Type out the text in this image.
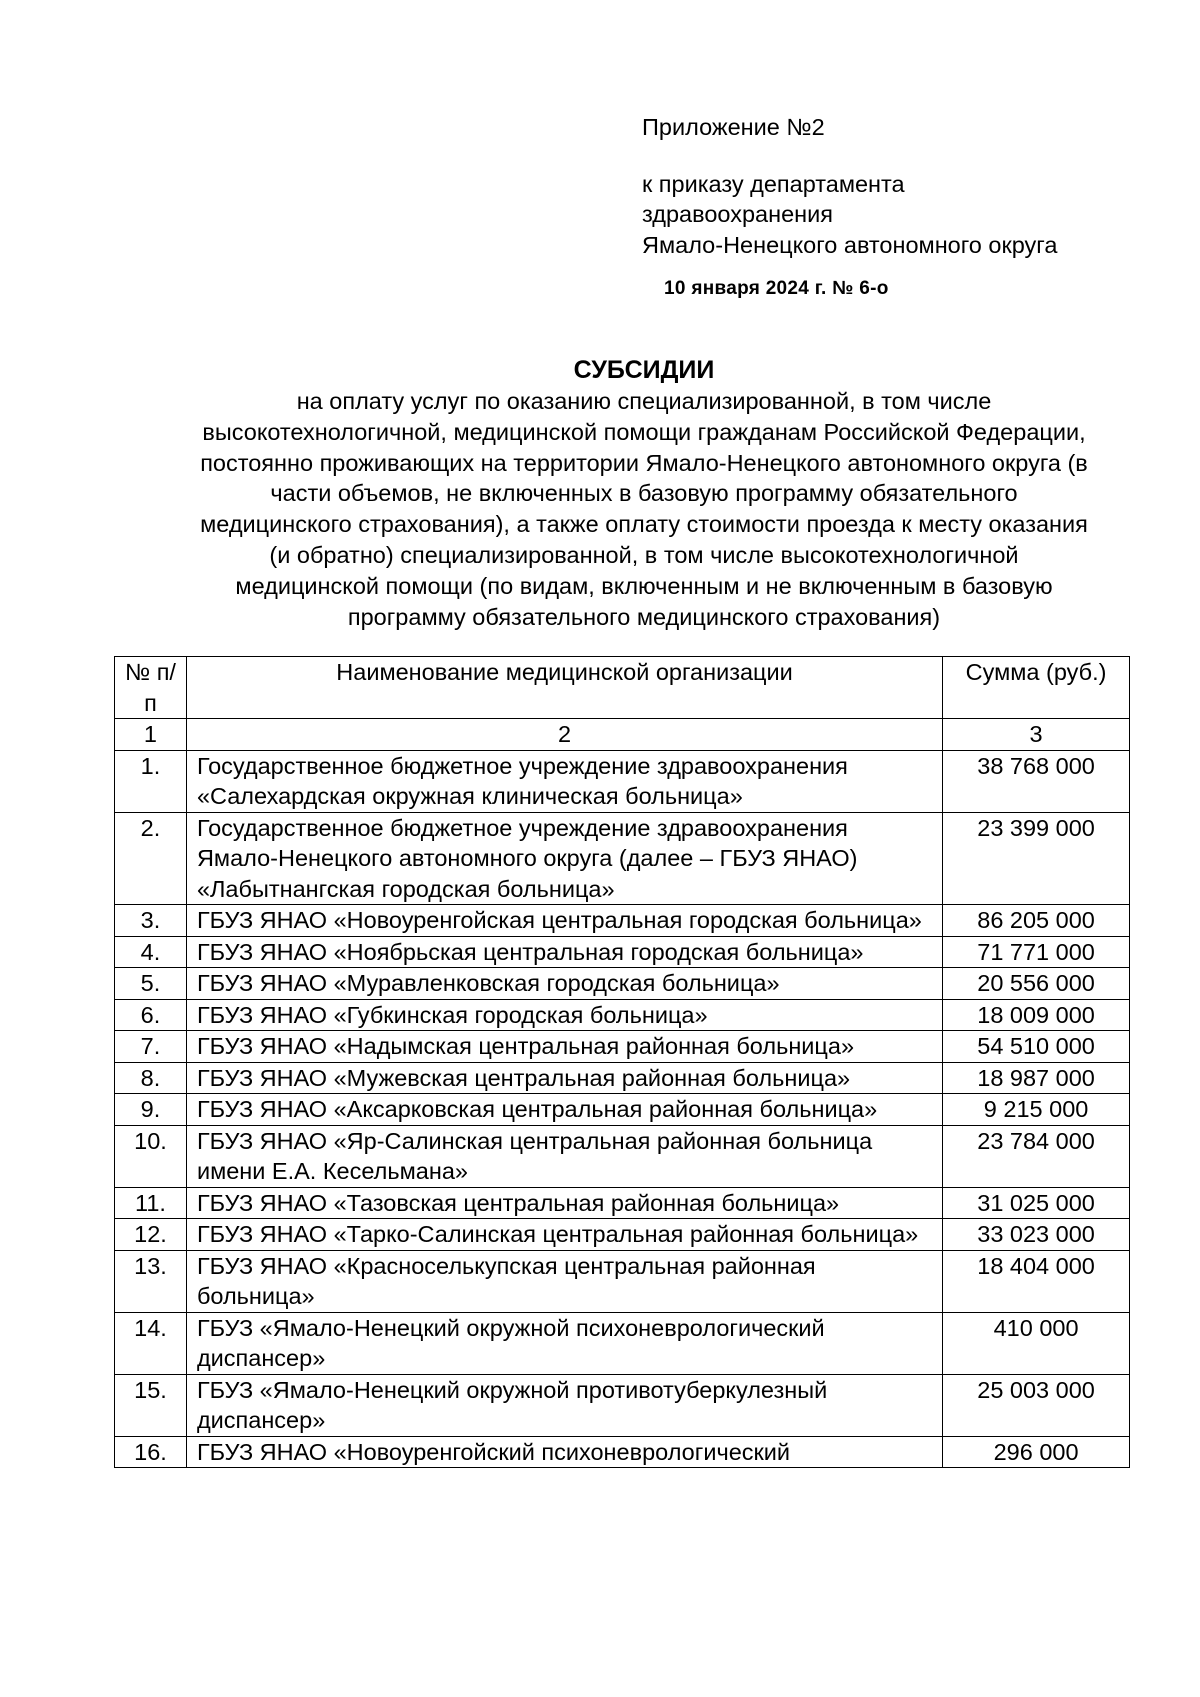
Приложение №2
к приказу департамента
здравоохранения
Ямало-Ненецкого автономного округа
10 января 2024 г. № 6-о
СУБСИДИИ

на оплату услуг по оказанию специализированной, в том числе
высокотехнологичной, медицинской помощи гражданам Российской Федерации,
постоянно проживающих на территории Ямало-Ненецкого автономного округа (в
части объемов, не включенных в базовую программу обязательного
медицинского страхования), а также оплату стоимости проезда к месту оказания
(и обратно) специализированной, в том числе высокотехнологичной
медицинской помощи (по видам, включенным и не включенным в базовую
программу обязательного медицинского страхования)

№ п/п	Наименование медицинской организации	Сумма (руб.)
1	2	3
1.	Государственное бюджетное учреждение здравоохранения «Салехардская окружная клиническая больница»	38 768 000
2.	Государственное бюджетное учреждение здравоохранения Ямало-Ненецкого автономного округа (далее – ГБУЗ ЯНАО) «Лабытнангская городская больница»	23 399 000
3.	ГБУЗ ЯНАО «Новоуренгойская центральная городская больница»	86 205 000
4.	ГБУЗ ЯНАО «Ноябрьская центральная городская больница»	71 771 000
5.	ГБУЗ ЯНАО «Муравленковская городская больница»	20 556 000
6.	ГБУЗ ЯНАО «Губкинская городская больница»	18 009 000
7.	ГБУЗ ЯНАО «Надымская центральная районная больница»	54 510 000
8.	ГБУЗ ЯНАО «Мужевская центральная районная больница»	18 987 000
9.	ГБУЗ ЯНАО «Аксарковская центральная районная больница»	9 215 000
10.	ГБУЗ ЯНАО «Яр-Салинская центральная районная больница имени Е.А. Кесельмана»	23 784 000
11.	ГБУЗ ЯНАО «Тазовская центральная районная больница»	31 025 000
12.	ГБУЗ ЯНАО «Тарко-Салинская центральная районная больница»	33 023 000
13.	ГБУЗ ЯНАО «Красноселькупская центральная районная больница»	18 404 000
14.	ГБУЗ «Ямало-Ненецкий окружной психоневрологический диспансер»	410 000
15.	ГБУЗ «Ямало-Ненецкий окружной противотуберкулезный диспансер»	25 003 000
16.	ГБУЗ ЯНАО «Новоуренгойский психоневрологический	296 000
